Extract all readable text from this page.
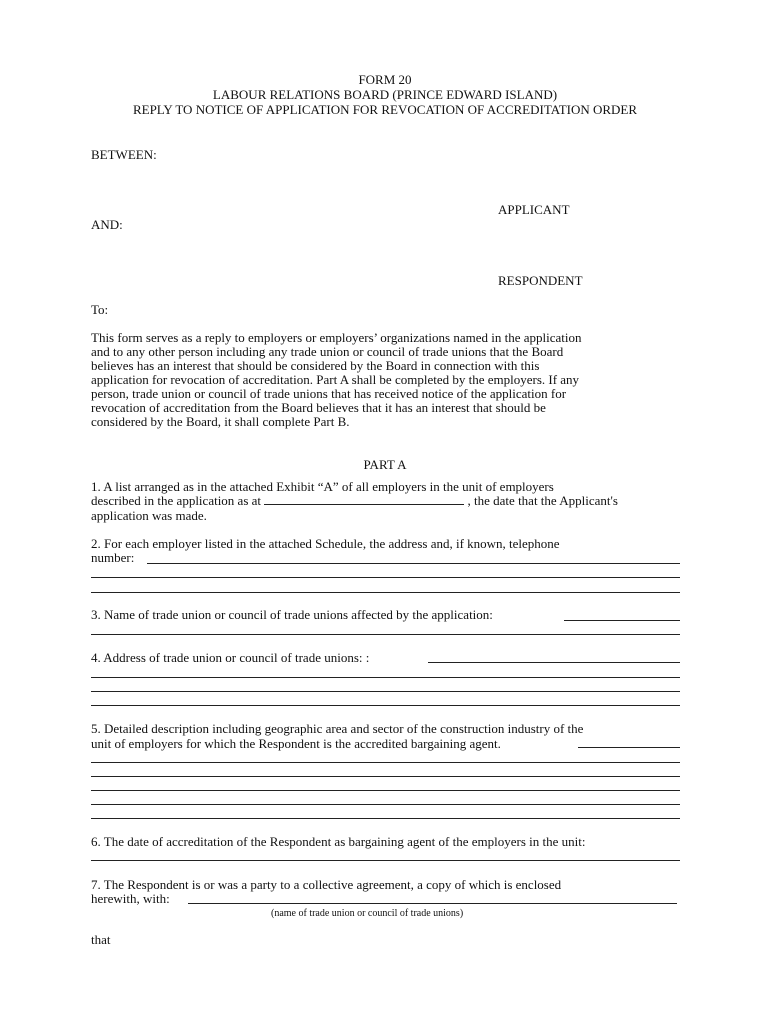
FORM 20
LABOUR RELATIONS BOARD (PRINCE EDWARD ISLAND)
REPLY TO NOTICE OF APPLICATION FOR REVOCATION OF ACCREDITATION ORDER
BETWEEN:
APPLICANT
AND:
RESPONDENT
To:
This form serves as a reply to employers or employers’ organizations named in the application
and to any other person including any trade union or council of trade unions that the Board
believes has an interest that should be considered by the Board in connection with this
application for revocation of accreditation. Part A shall be completed by the employers. If any
person, trade union or council of trade unions that has received notice of the application for
revocation of accreditation from the Board believes that it has an interest that should be
considered by the Board, it shall complete Part B.
PART A
1. A list arranged as in the attached Exhibit “A” of all employers in the unit of employers
described in the application as at	, the date that the Applicant's
application was made.
2. For each employer listed in the attached Schedule, the address and, if known, telephone
number:
3. Name of trade union or council of trade unions affected by the application:
4. Address of trade union or council of trade unions: :
5. Detailed description including geographic area and sector of the construction industry of the
unit of employers for which the Respondent is the accredited bargaining agent.
6. The date of accreditation of the Respondent as bargaining agent of the employers in the unit:
7. The Respondent is or was a party to a collective agreement, a copy of which is enclosed
herewith, with:
(name of trade union or council of trade unions)
that
